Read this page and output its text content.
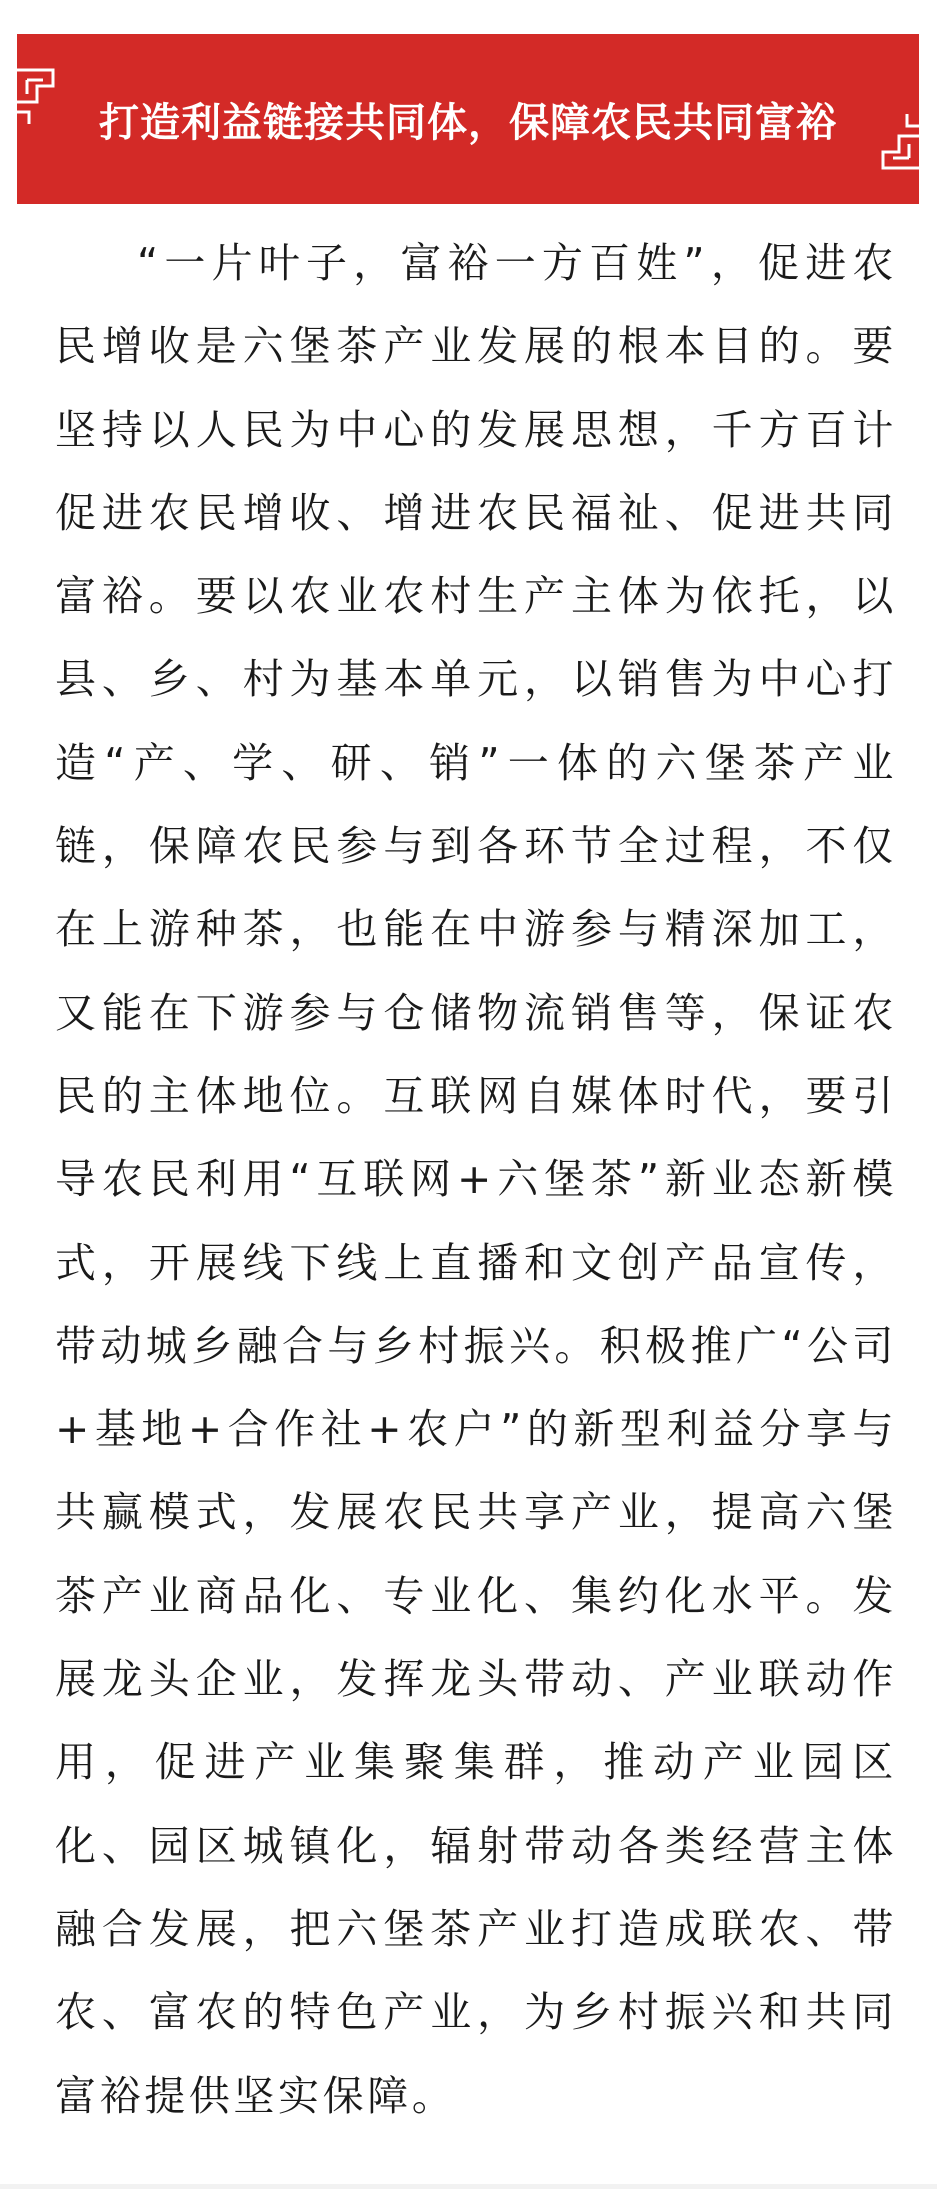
打造利益链接共同体，保障农民共同富裕

“一片叶子，富裕一方百姓”，促进农民增收是六堡茶产业发展的根本目的。要坚持以人民为中心的发展思想，千方百计促进农民增收、增进农民福祉、促进共同富裕。要以农业农村生产主体为依托，以县、乡、村为基本单元，以销售为中心打造“产、学、研、销”一体的六堡茶产业链，保障农民参与到各环节全过程，不仅在上游种茶，也能在中游参与精深加工，又能在下游参与仓储物流销售等，保证农民的主体地位。互联网自媒体时代，要引导农民利用“互联网+六堡茶”新业态新模式，开展线下线上直播和文创产品宣传，带动城乡融合与乡村振兴。积极推广“公司+基地+合作社+农户”的新型利益分享与共赢模式，发展农民共享产业，提高六堡茶产业商品化、专业化、集约化水平。发展龙头企业，发挥龙头带动、产业联动作用，促进产业集聚集群，推动产业园区化、园区城镇化，辐射带动各类经营主体融合发展，把六堡茶产业打造成联农、带农、富农的特色产业，为乡村振兴和共同富裕提供坚实保障。
